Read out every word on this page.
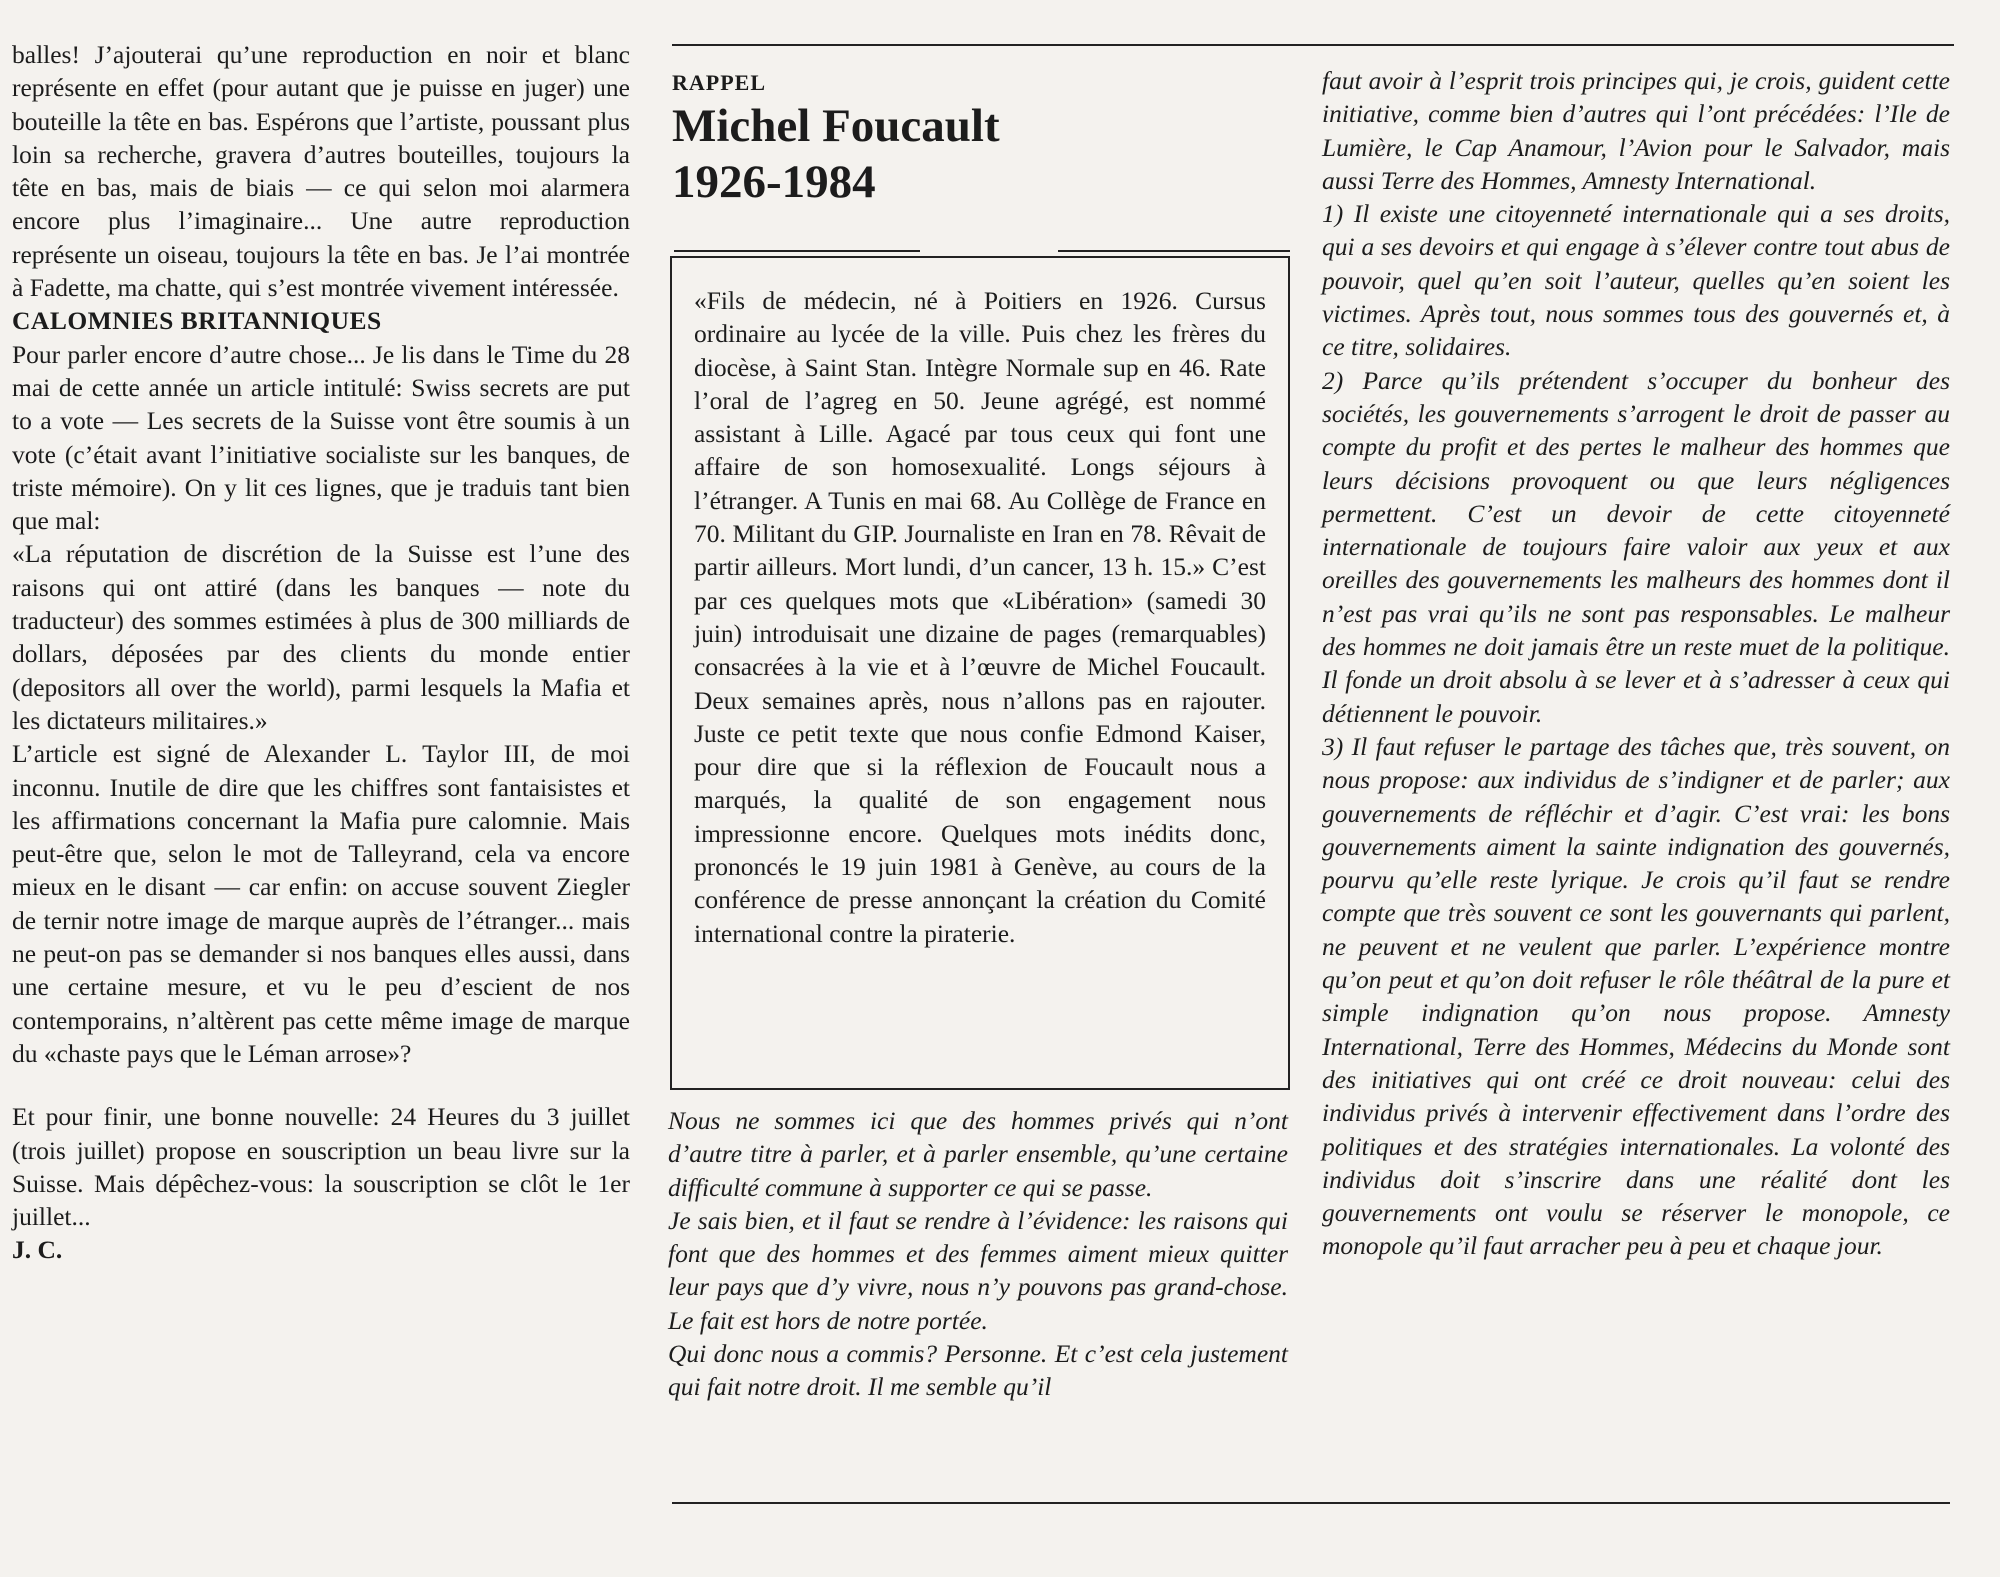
balles! J’ajouterai qu’une reproduction en noir et blanc représente en effet (pour autant que je puisse en juger) une bouteille la tête en bas. Espérons que l’artiste, poussant plus loin sa recherche, gravera d’autres bouteilles, toujours la tête en bas, mais de biais — ce qui selon moi alarmera encore plus l’imaginaire... Une autre reproduction représente un oiseau, toujours la tête en bas. Je l’ai montrée à Fadette, ma chatte, qui s’est montrée vivement intéressée.

CALOMNIES BRITANNIQUES

Pour parler encore d’autre chose... Je lis dans le Time du 28 mai de cette année un article intitulé: Swiss secrets are put to a vote — Les secrets de la Suisse vont être soumis à un vote (c’était avant l’initiative socialiste sur les banques, de triste mémoire). On y lit ces lignes, que je traduis tant bien que mal:

«La réputation de discrétion de la Suisse est l’une des raisons qui ont attiré (dans les banques — note du traducteur) des sommes estimées à plus de 300 milliards de dollars, déposées par des clients du monde entier (depositors all over the world), parmi lesquels la Mafia et les dictateurs militaires.»

L’article est signé de Alexander L. Taylor III, de moi inconnu. Inutile de dire que les chiffres sont fantaisistes et les affirmations concernant la Mafia pure calomnie. Mais peut-être que, selon le mot de Talleyrand, cela va encore mieux en le disant — car enfin: on accuse souvent Ziegler de ternir notre image de marque auprès de l’étranger... mais ne peut-on pas se demander si nos banques elles aussi, dans une certaine mesure, et vu le peu d’escient de nos contemporains, n’altèrent pas cette même image de marque du «chaste pays que le Léman arrose»?

Et pour finir, une bonne nouvelle: 24 Heures du 3 juillet (trois juillet) propose en souscription un beau livre sur la Suisse. Mais dépêchez-vous: la souscription se clôt le 1er juillet...

J. C.

RAPPEL

Michel Foucault
1926-1984

«Fils de médecin, né à Poitiers en 1926. Cursus ordinaire au lycée de la ville. Puis chez les frères du diocèse, à Saint Stan. Intègre Normale sup en 46. Rate l’oral de l’agreg en 50. Jeune agrégé, est nommé assistant à Lille. Agacé par tous ceux qui font une affaire de son homosexualité. Longs séjours à l’étranger. A Tunis en mai 68. Au Collège de France en 70. Militant du GIP. Journaliste en Iran en 78. Rêvait de partir ailleurs. Mort lundi, d’un cancer, 13 h. 15.» C’est par ces quelques mots que «Libération» (samedi 30 juin) introduisait une dizaine de pages (remarquables) consacrées à la vie et à l’œuvre de Michel Foucault. Deux semaines après, nous n’allons pas en rajouter. Juste ce petit texte que nous confie Edmond Kaiser, pour dire que si la réflexion de Foucault nous a marqués, la qualité de son engagement nous impressionne encore. Quelques mots inédits donc, prononcés le 19 juin 1981 à Genève, au cours de la conférence de presse annonçant la création du Comité international contre la piraterie.

Nous ne sommes ici que des hommes privés qui n’ont d’autre titre à parler, et à parler ensemble, qu’une certaine difficulté commune à supporter ce qui se passe.

Je sais bien, et il faut se rendre à l’évidence: les raisons qui font que des hommes et des femmes aiment mieux quitter leur pays que d’y vivre, nous n’y pouvons pas grand-chose. Le fait est hors de notre portée.

Qui donc nous a commis? Personne. Et c’est cela justement qui fait notre droit. Il me semble qu’il

faut avoir à l’esprit trois principes qui, je crois, guident cette initiative, comme bien d’autres qui l’ont précédées: l’Ile de Lumière, le Cap Anamour, l’Avion pour le Salvador, mais aussi Terre des Hommes, Amnesty International.

1) Il existe une citoyenneté internationale qui a ses droits, qui a ses devoirs et qui engage à s’élever contre tout abus de pouvoir, quel qu’en soit l’auteur, quelles qu’en soient les victimes. Après tout, nous sommes tous des gouvernés et, à ce titre, solidaires.

2) Parce qu’ils prétendent s’occuper du bonheur des sociétés, les gouvernements s’arrogent le droit de passer au compte du profit et des pertes le malheur des hommes que leurs décisions provoquent ou que leurs négligences permettent. C’est un devoir de cette citoyenneté internationale de toujours faire valoir aux yeux et aux oreilles des gouvernements les malheurs des hommes dont il n’est pas vrai qu’ils ne sont pas responsables. Le malheur des hommes ne doit jamais être un reste muet de la politique. Il fonde un droit absolu à se lever et à s’adresser à ceux qui détiennent le pouvoir.

3) Il faut refuser le partage des tâches que, très souvent, on nous propose: aux individus de s’indigner et de parler; aux gouvernements de réfléchir et d’agir. C’est vrai: les bons gouvernements aiment la sainte indignation des gouvernés, pourvu qu’elle reste lyrique. Je crois qu’il faut se rendre compte que très souvent ce sont les gouvernants qui parlent, ne peuvent et ne veulent que parler. L’expérience montre qu’on peut et qu’on doit refuser le rôle théâtral de la pure et simple indignation qu’on nous propose. Amnesty International, Terre des Hommes, Médecins du Monde sont des initiatives qui ont créé ce droit nouveau: celui des individus privés à intervenir effectivement dans l’ordre des politiques et des stratégies internationales. La volonté des individus doit s’inscrire dans une réalité dont les gouvernements ont voulu se réserver le monopole, ce monopole qu’il faut arracher peu à peu et chaque jour.
